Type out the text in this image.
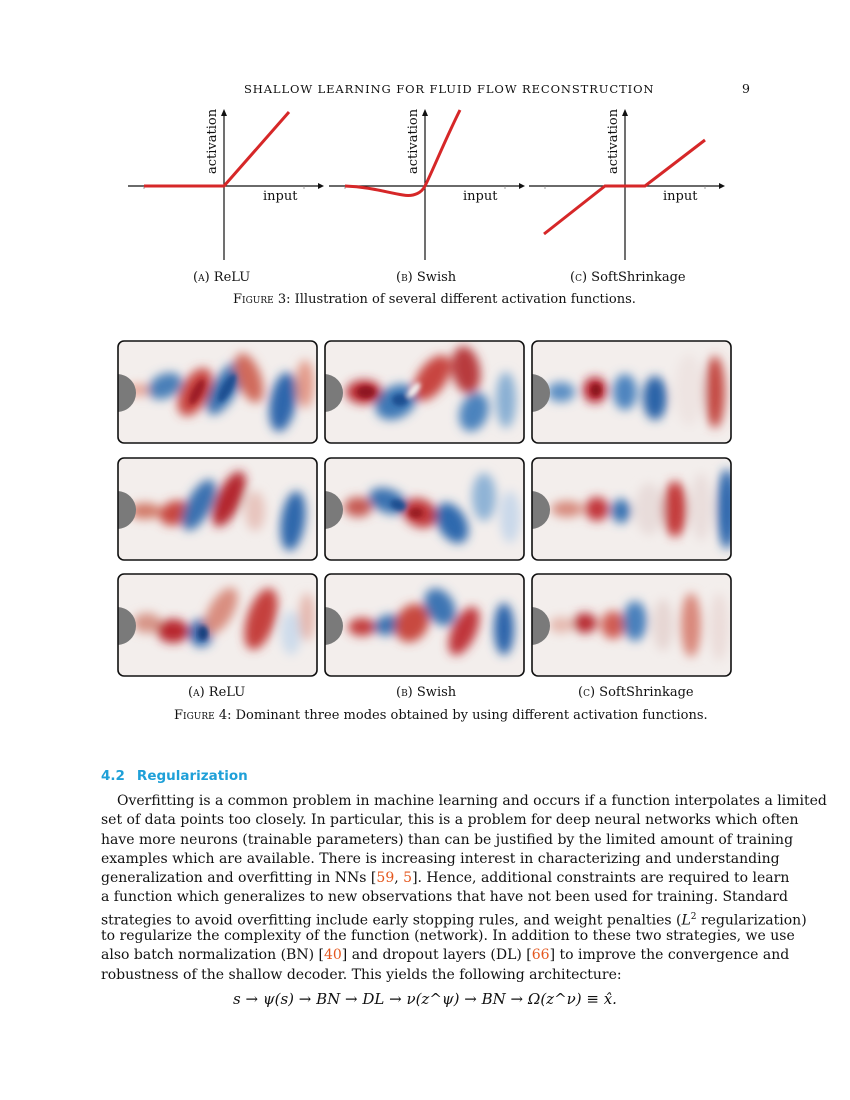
SHALLOW LEARNING FOR FLUID FLOW RECONSTRUCTION	9
activation
input
activation
input
activation
input
(a) ReLU	(b) Swish	(c) SoftShrinkage
Figure 3: Illustration of several different activation functions.
(a) ReLU	(b) Swish	(c) SoftShrinkage
Figure 4: Dominant three modes obtained by using different activation functions.
4.2 Regularization
Overfitting is a common problem in machine learning and occurs if a function interpolates a limited
set of data points too closely. In particular, this is a problem for deep neural networks which often
have more neurons (trainable parameters) than can be justified by the limited amount of training
examples which are available. There is increasing interest in characterizing and understanding
generalization and overfitting in NNs [59, 5]. Hence, additional constraints are required to learn
a function which generalizes to new observations that have not been used for training. Standard
strategies to avoid overfitting include early stopping rules, and weight penalties ($L^2$ regularization)
to regularize the complexity of the function (network). In addition to these two strategies, we use
also batch normalization (BN) [40] and dropout layers (DL) [66] to improve the convergence and
robustness of the shallow decoder. This yields the following architecture:
s → ψ(s) → BN → DL → ν(z^ψ) → BN → Ω(z^ν) ≡ x̂.
